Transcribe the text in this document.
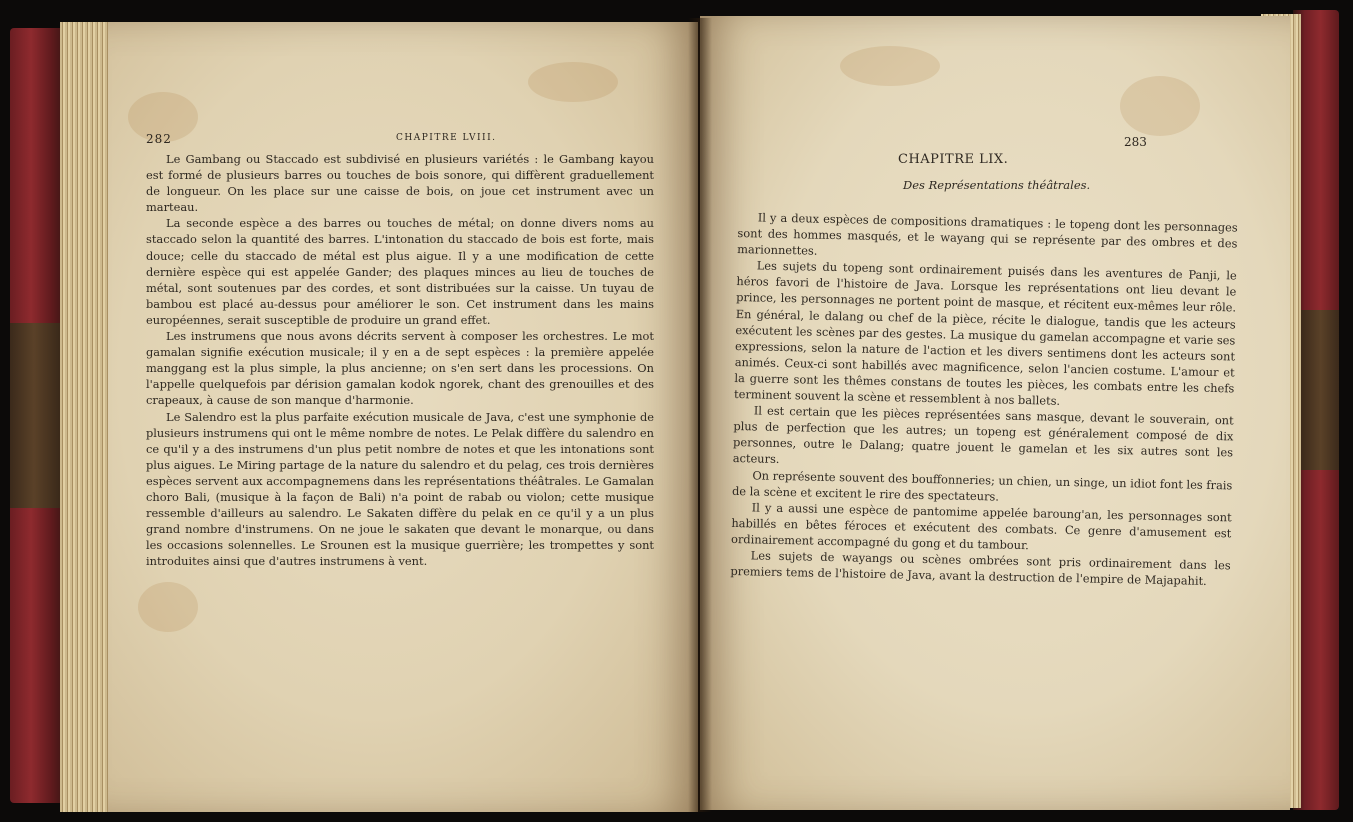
282	CHAPITRE LVIII.

Le Gambang ou Staccado est subdivisé en plusieurs variétés : le Gambang kayou est formé de plusieurs barres ou touches de bois sonore, qui diffèrent graduellement de longueur. On les place sur une caisse de bois, on joue cet instrument avec un marteau.

La seconde espèce a des barres ou touches de métal; on donne divers noms au staccado selon la quantité des barres. L'intonation du staccado de bois est forte, mais douce; celle du staccado de métal est plus aigue. Il y a une modification de cette dernière espèce qui est appelée Gander; des plaques minces au lieu de touches de métal, sont soutenues par des cordes, et sont distribuées sur la caisse. Un tuyau de bambou est placé au-dessus pour améliorer le son. Cet instrument dans les mains européennes, serait susceptible de produire un grand effet.

Les instrumens que nous avons décrits servent à composer les orchestres. Le mot gamalan signifie exécution musicale; il y en a de sept espèces : la première appelée manggang est la plus simple, la plus ancienne; on s'en sert dans les processions. On l'appelle quelquefois par dérision gamalan kodok ngorek, chant des grenouilles et des crapeaux, à cause de son manque d'harmonie.

Le Salendro est la plus parfaite exécution musicale de Java, c'est une symphonie de plusieurs instrumens qui ont le même nombre de notes. Le Pelak diffère du salendro en ce qu'il y a des instrumens d'un plus petit nombre de notes et que les intonations sont plus aigues. Le Miring partage de la nature du salendro et du pelag, ces trois dernières espèces servent aux accompagnemens dans les représentations théâtrales. Le Gamalan choro Bali, (musique à la façon de Bali) n'a point de rabab ou violon; cette musique ressemble d'ailleurs au salendro. Le Sakaten diffère du pelak en ce qu'il y a un plus grand nombre d'instrumens. On ne joue le sakaten que devant le monarque, ou dans les occasions solennelles. Le Srounen est la musique guerrière; les trompettes y sont introduites ainsi que d'autres instrumens à vent.

283
CHAPITRE LIX.
Des Représentations théâtrales.

Il y a deux espèces de compositions dramatiques : le topeng dont les personnages sont des hommes masqués, et le wayang qui se représente par des ombres et des marionnettes.

Les sujets du topeng sont ordinairement puisés dans les aventures de Panji, le héros favori de l'histoire de Java. Lorsque les représentations ont lieu devant le prince, les personnages ne portent point de masque, et récitent eux-mêmes leur rôle. En général, le dalang ou chef de la pièce, récite le dialogue, tandis que les acteurs exécutent les scènes par des gestes. La musique du gamelan accompagne et varie ses expressions, selon la nature de l'action et les divers sentimens dont les acteurs sont animés. Ceux-ci sont habillés avec magnificence, selon l'ancien costume. L'amour et la guerre sont les thêmes constans de toutes les pièces, les combats entre les chefs terminent souvent la scène et ressemblent à nos ballets.

Il est certain que les pièces représentées sans masque, devant le souverain, ont plus de perfection que les autres; un topeng est généralement composé de dix personnes, outre le Dalang; quatre jouent le gamelan et les six autres sont les acteurs.

On représente souvent des bouffonneries; un chien, un singe, un idiot font les frais de la scène et excitent le rire des spectateurs.

Il y a aussi une espèce de pantomime appelée baroung'an, les personnages sont habillés en bêtes féroces et exécutent des combats. Ce genre d'amusement est ordinairement accompagné du gong et du tambour.

Les sujets de wayangs ou scènes ombrées sont pris ordinairement dans les premiers tems de l'histoire de Java, avant la destruction de l'empire de Majapahit.
